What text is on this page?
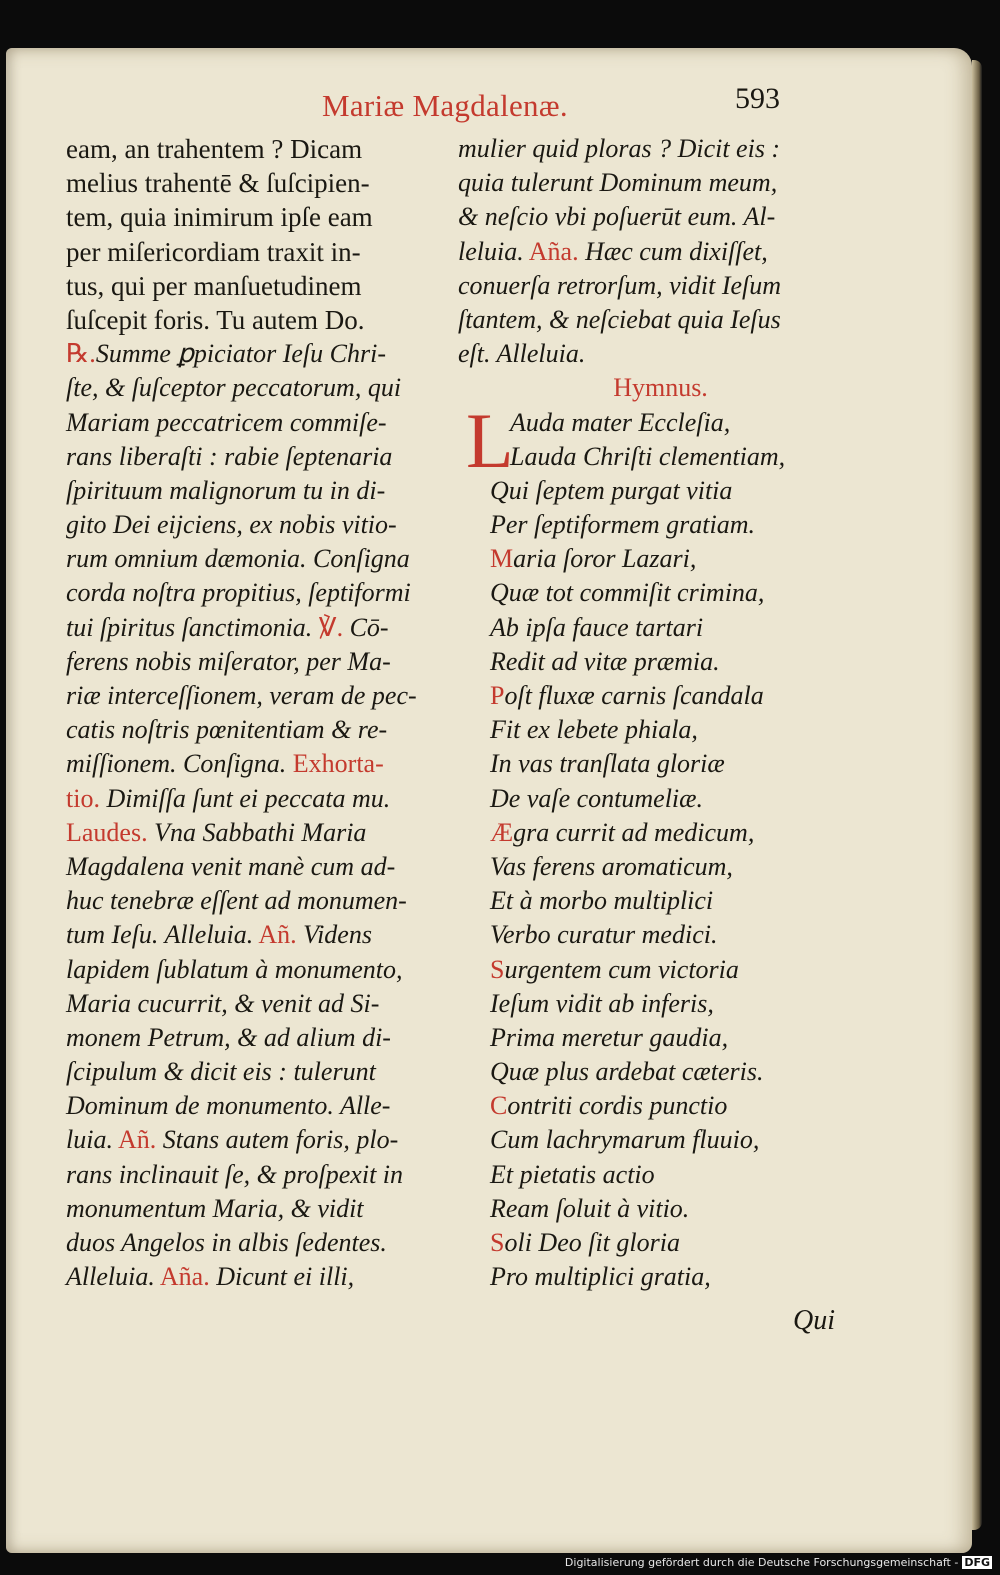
Mariæ Magdalenæ.	593
eam, an trahentem ? Dicam
melius trahentē & ſuſcipien-
tem, quia inimirum ipſe eam
per miſericordiam traxit in-
tus, qui per manſuetudinem
ſuſcepit foris. Tu autem Do.
℞.Summe ꝑpiciator Ieſu Chri-
ſte, & ſuſceptor peccatorum, qui
Mariam peccatricem commiſe-
rans liberaſti : rabie ſeptenaria
ſpirituum malignorum tu in di-
gito Dei eijciens, ex nobis vitio-
rum omnium dæmonia. Conſigna
corda noſtra propitius, ſeptiformi
tui ſpiritus ſanctimonia. ℣. Cō-
ferens nobis miſerator, per Ma-
riæ interceſſionem, veram de pec-
catis noſtris pœnitentiam & re-
miſſionem. Conſigna. Exhorta-
tio. Dimiſſa ſunt ei peccata mu.
Laudes. Vna Sabbathi Maria
Magdalena venit manè cum ad-
huc tenebræ eſſent ad monumen-
tum Ieſu. Alleluia. Añ. Videns
lapidem ſublatum à monumento,
Maria cucurrit, & venit ad Si-
monem Petrum, & ad alium di-
ſcipulum & dicit eis : tulerunt
Dominum de monumento. Alle-
luia. Añ. Stans autem foris, plo-
rans inclinauit ſe, & proſpexit in
monumentum Maria, & vidit
duos Angelos in albis ſedentes.
Alleluia. Aña. Dicunt ei illi,
mulier quid ploras ? Dicit eis :
quia tulerunt Dominum meum,
& neſcio vbi poſuerūt eum. Al-
leluia. Aña. Hæc cum dixiſſet,
conuerſa retrorſum, vidit Ieſum
ſtantem, & neſciebat quia Ieſus
eſt. Alleluia.
Hymnus.
L
Auda mater Eccleſia,
Lauda Chriſti clementiam,
Qui ſeptem purgat vitia
Per ſeptiformem gratiam.
Maria ſoror Lazari,
Quæ tot commiſit crimina,
Ab ipſa fauce tartari
Redit ad vitæ præmia.
Poſt fluxæ carnis ſcandala
Fit ex lebete phiala,
In vas tranſlata gloriæ
De vaſe contumeliæ.
Ægra currit ad medicum,
Vas ferens aromaticum,
Et à morbo multiplici
Verbo curatur medici.
Surgentem cum victoria
Ieſum vidit ab inferis,
Prima meretur gaudia,
Quæ plus ardebat cæteris.
Contriti cordis punctio
Cum lachrymarum fluuio,
Et pietatis actio
Ream ſoluit à vitio.
Soli Deo ſit gloria
Pro multiplici gratia,
Qui
Digitalisierung gefördert durch die Deutsche Forschungsgemeinschaft - DFG
